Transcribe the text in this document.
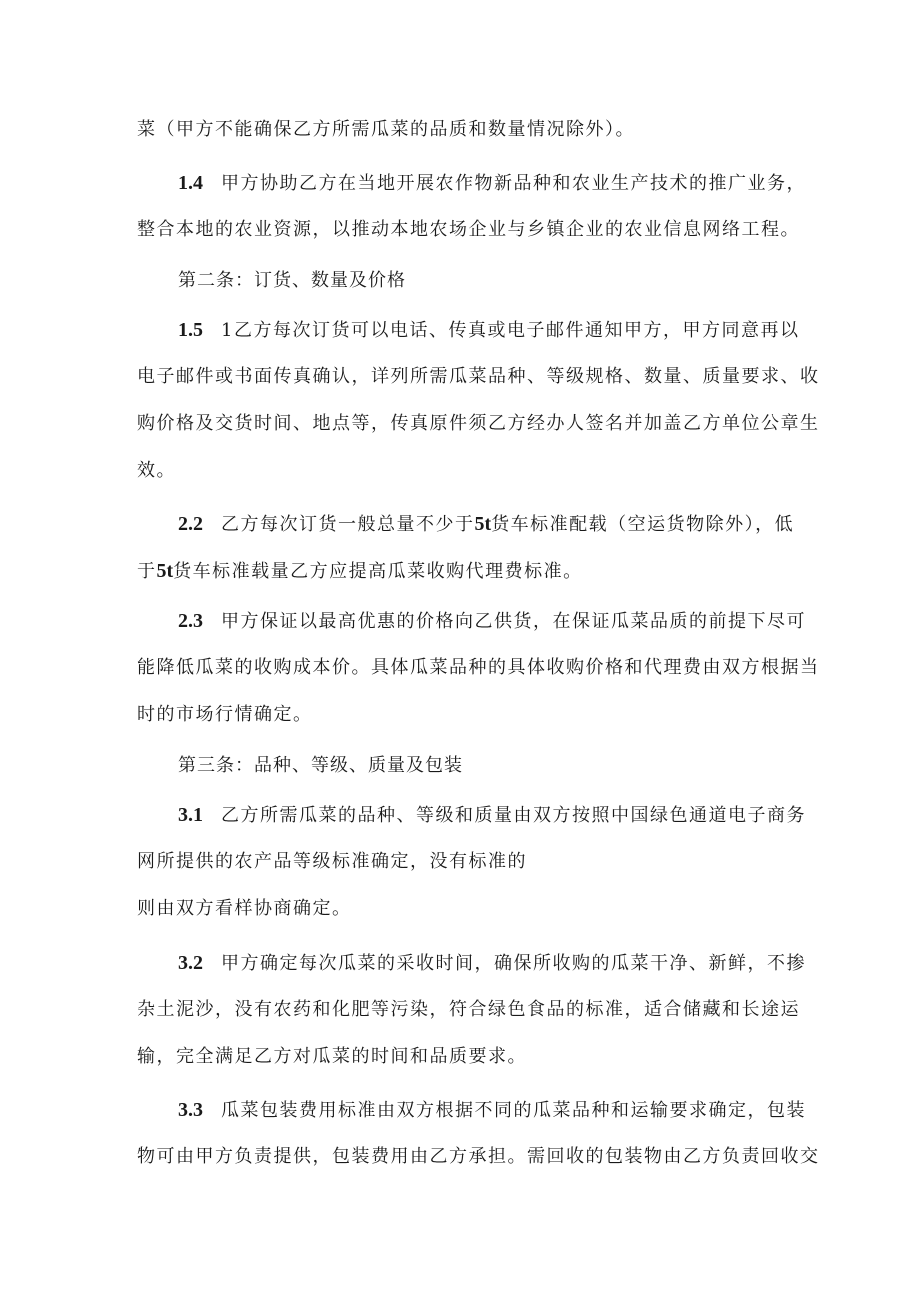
菜（甲方不能确保乙方所需瓜菜的品质和数量情况除外）。
1.4 甲方协助乙方在当地开展农作物新品种和农业生产技术的推广业务，
整合本地的农业资源，以推动本地农场企业与乡镇企业的农业信息网络工程。
第二条：订货、数量及价格
1.5 1乙方每次订货可以电话、传真或电子邮件通知甲方，甲方同意再以
电子邮件或书面传真确认，详列所需瓜菜品种、等级规格、数量、质量要求、收
购价格及交货时间、地点等，传真原件须乙方经办人签名并加盖乙方单位公章生
效。
2.2 乙方每次订货一般总量不少于5t货车标准配载（空运货物除外），低
于5t货车标准载量乙方应提高瓜菜收购代理费标准。
2.3 甲方保证以最高优惠的价格向乙供货，在保证瓜菜品质的前提下尽可
能降低瓜菜的收购成本价。具体瓜菜品种的具体收购价格和代理费由双方根据当
时的市场行情确定。
第三条：品种、等级、质量及包装
3.1 乙方所需瓜菜的品种、等级和质量由双方按照中国绿色通道电子商务
网所提供的农产品等级标准确定，没有标准的
则由双方看样协商确定。
3.2 甲方确定每次瓜菜的采收时间，确保所收购的瓜菜干净、新鲜，不掺
杂土泥沙，没有农药和化肥等污染，符合绿色食品的标准，适合储藏和长途运
输，完全满足乙方对瓜菜的时间和品质要求。
3.3 瓜菜包装费用标准由双方根据不同的瓜菜品种和运输要求确定，包装
物可由甲方负责提供，包装费用由乙方承担。需回收的包装物由乙方负责回收交
